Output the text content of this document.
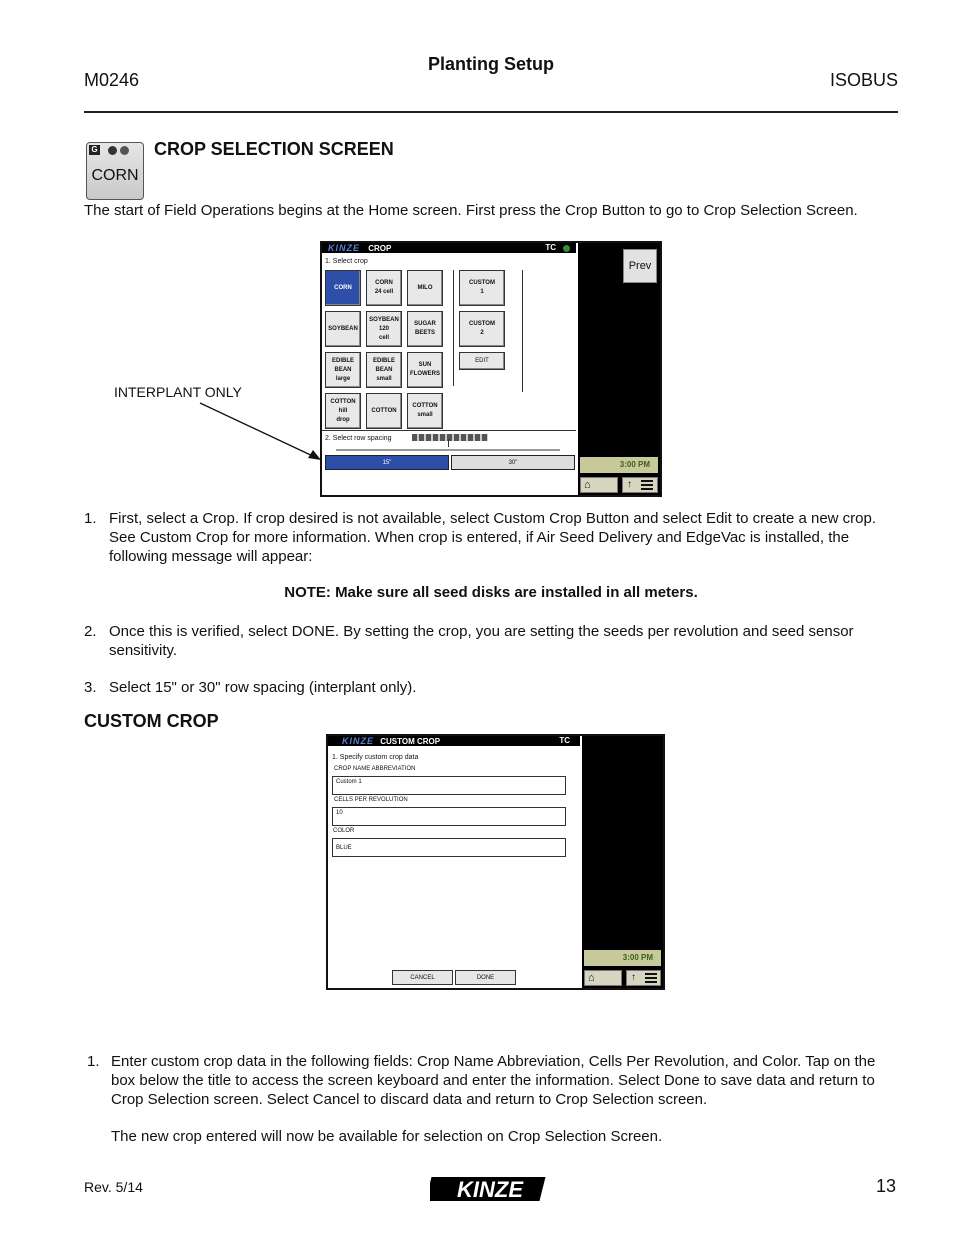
Planting Setup
M0246	ISOBUS
G
CORN
CROP SELECTION SCREEN
The start of Field Operations begins at the Home screen. First press the Crop Button to go to Crop Selection Screen.
INTERPLANT ONLY
KINZE CROP	TC
1. Select crop
CORN
CORN
24 cell
MILO
SOYBEAN
SOYBEAN
120
cell
SUGAR
BEETS
EDIBLE
BEAN
large
EDIBLE
BEAN
small
SUN
FLOWERS
COTTON
hill
drop
COTTON
COTTON
small
CUSTOM
1
CUSTOM
2
EDIT
2. Select row spacing
15"	30"
Prev
3:00 PM
⌂	↑
1. First, select a Crop. If crop desired is not available, select Custom Crop Button and select Edit to create a new crop. See Custom Crop for more information. When crop is entered, if Air Seed Delivery and EdgeVac is installed, the following message will appear:
NOTE: Make sure all seed disks are installed in all meters.
2. Once this is verified, select DONE. By setting the crop, you are setting the seeds per revolution and seed sensor sensitivity.
3. Select 15" or 30" row spacing (interplant only).
CUSTOM CROP
KINZE CUSTOM CROP	TC
1. Specify custom crop data
CROP NAME ABBREVIATION
Custom 1
CELLS PER REVOLUTION
10
COLOR
BLUE
CANCEL	DONE
3:00 PM
⌂	↑
1. Enter custom crop data in the following fields: Crop Name Abbreviation, Cells Per Revolution, and Color. Tap on the box below the title to access the screen keyboard and enter the information. Select Done to save data and return to Crop Selection screen. Select Cancel to discard data and return to Crop Selection screen.
The new crop entered will now be available for selection on Crop Selection Screen.
Rev. 5/14	KINZE	13
